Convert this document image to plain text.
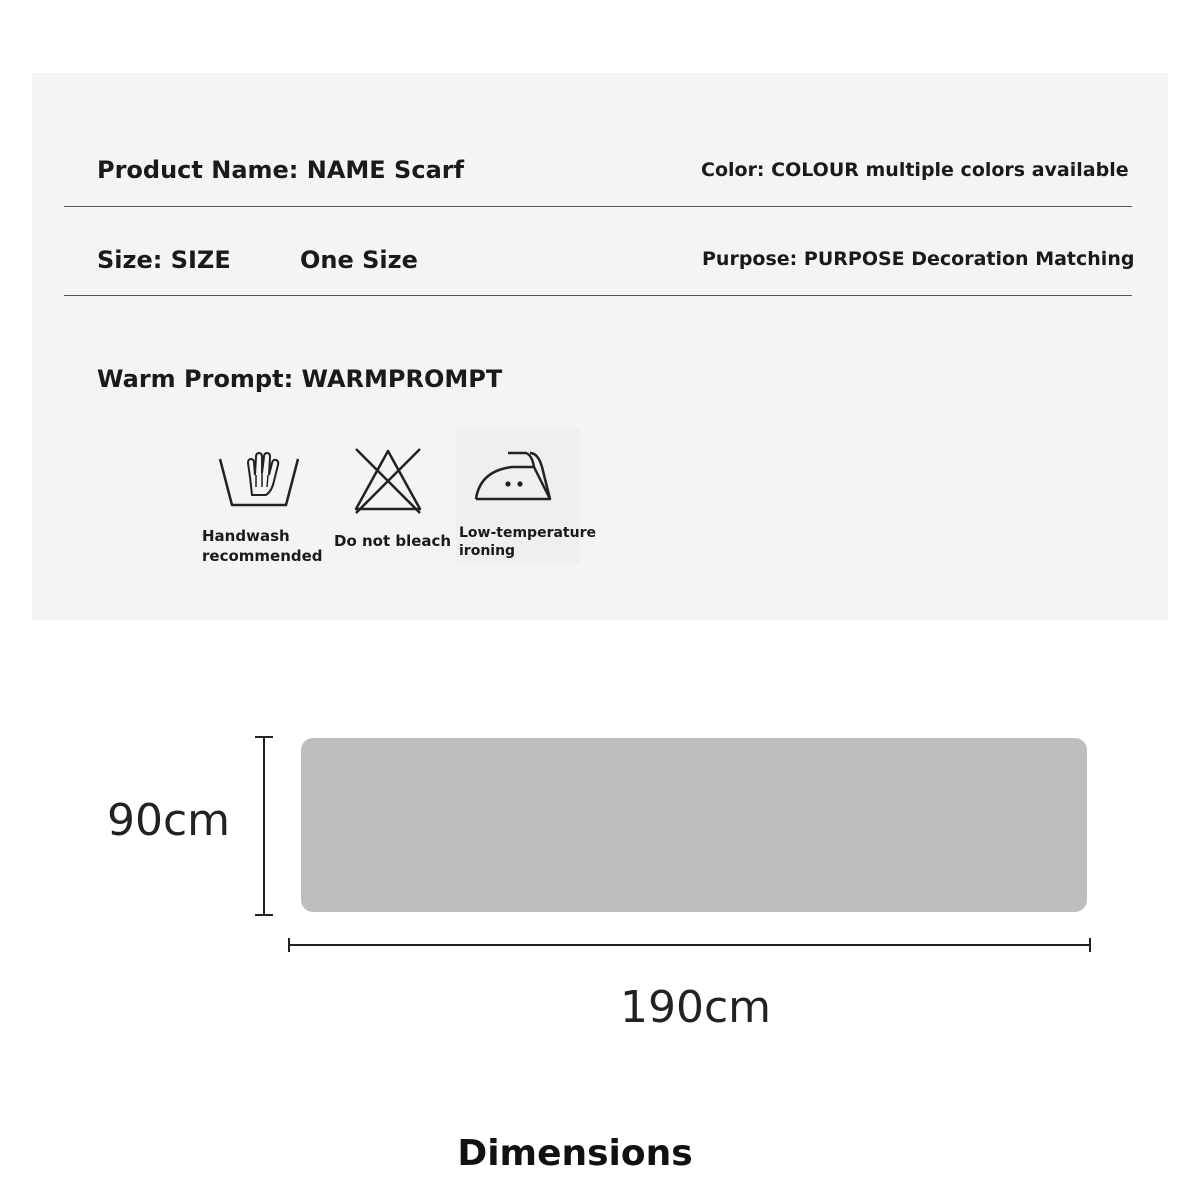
Product Name: NAME Scarf	Color: COLOUR multiple colors available
Size: SIZE	One Size	Purpose: PURPOSE Decoration Matching
Warm Prompt: WARMPROMPT
Handwash
recommended
Do not bleach Low-temperature
ironing
90cm
190cm
Dimensions
